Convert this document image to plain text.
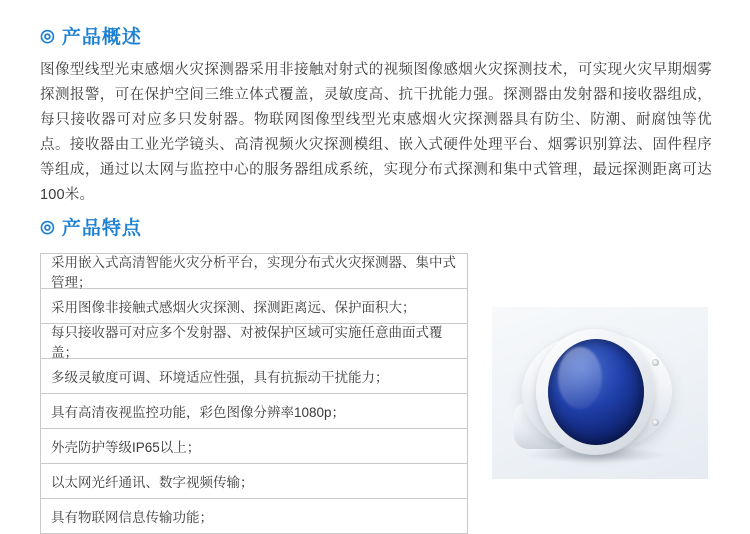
◎ 产品概述
图像型线型光束感烟火灾探测器采用非接触对射式的视频图像感烟火灾探测技术，可实现火灾早期烟雾探测报警，可在保护空间三维立体式覆盖，灵敏度高、抗干扰能力强。探测器由发射器和接收器组成，每只接收器可对应多只发射器。物联网图像型线型光束感烟火灾探测器具有防尘、防潮、耐腐蚀等优点。接收器由工业光学镜头、高清视频火灾探测模组、嵌入式硬件处理平台、烟雾识别算法、固件程序等组成，通过以太网与监控中心的服务器组成系统，实现分布式探测和集中式管理，最远探测距离可达100米。
◎ 产品特点
采用嵌入式高清智能火灾分析平台，实现分布式火灾探测器、集中式管理；
采用图像非接触式感烟火灾探测、探测距离远、保护面积大；
每只接收器可对应多个发射器、对被保护区域可实施任意曲面式覆盖；
多级灵敏度可调、环境适应性强，具有抗振动干扰能力；
具有高清夜视监控功能，彩色图像分辨率1080p；
外壳防护等级IP65以上；
以太网光纤通讯、数字视频传输；
具有物联网信息传输功能；
